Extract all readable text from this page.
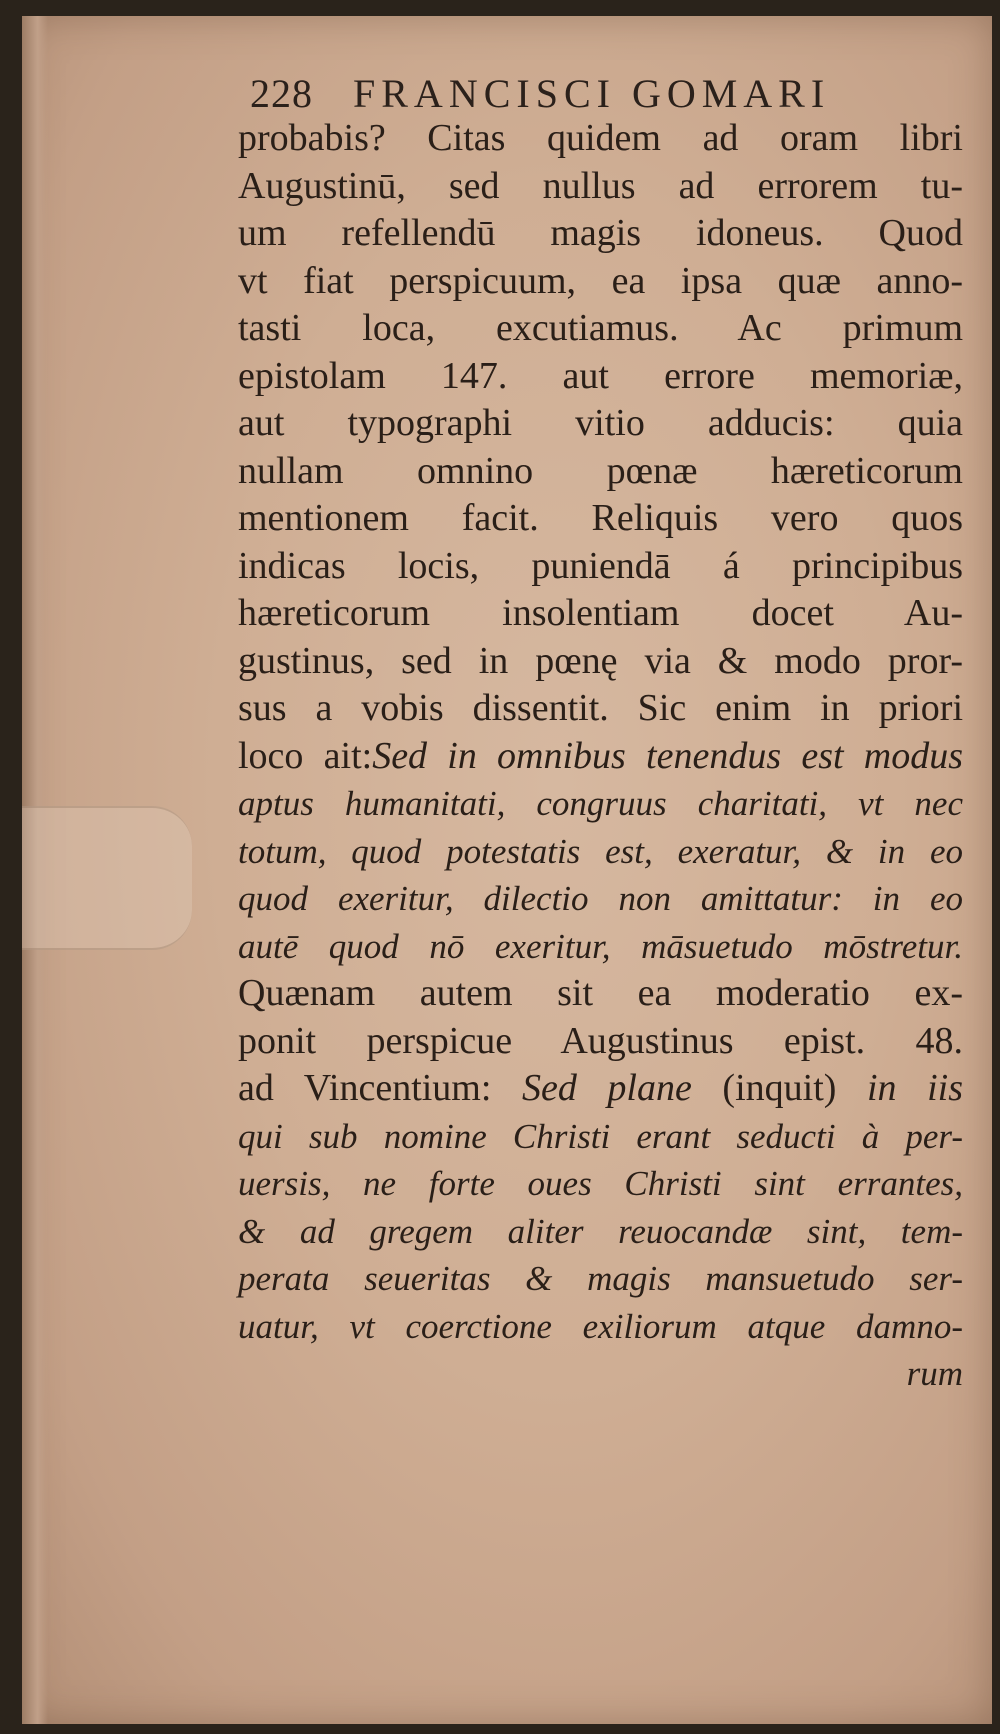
228 FRANCISCI GOMARI
probabis? Citas quidem ad oram libri
Augustinū, sed nullus ad errorem tu-
um refellendū magis idoneus. Quod
vt fiat perspicuum, ea ipsa quæ anno-
tasti loca, excutiamus. Ac primum
epistolam 147. aut errore memoriæ,
aut typographi vitio adducis: quia
nullam omnino pœnæ hæreticorum
mentionem facit. Reliquis vero quos
indicas locis, puniendā á principibus
hæreticorum insolentiam docet Au-
gustinus, sed in pœnę via & modo pror-
sus a vobis dissentit. Sic enim in priori
loco ait:Sed in omnibus tenendus est modus
aptus humanitati, congruus charitati, vt nec
totum, quod potestatis est, exeratur, & in eo
quod exeritur, dilectio non amittatur: in eo
autē quod nō exeritur, māsuetudo mōstretur.
Quænam autem sit ea moderatio ex-
ponit perspicue Augustinus epist. 48.
ad Vincentium: Sed plane (inquit) in iis
qui sub nomine Christi erant seducti à per-
uersis, ne forte oues Christi sint errantes,
& ad gregem aliter reuocandæ sint, tem-
perata seueritas & magis mansuetudo ser-
uatur, vt coerctione exiliorum atque damno-
rum
